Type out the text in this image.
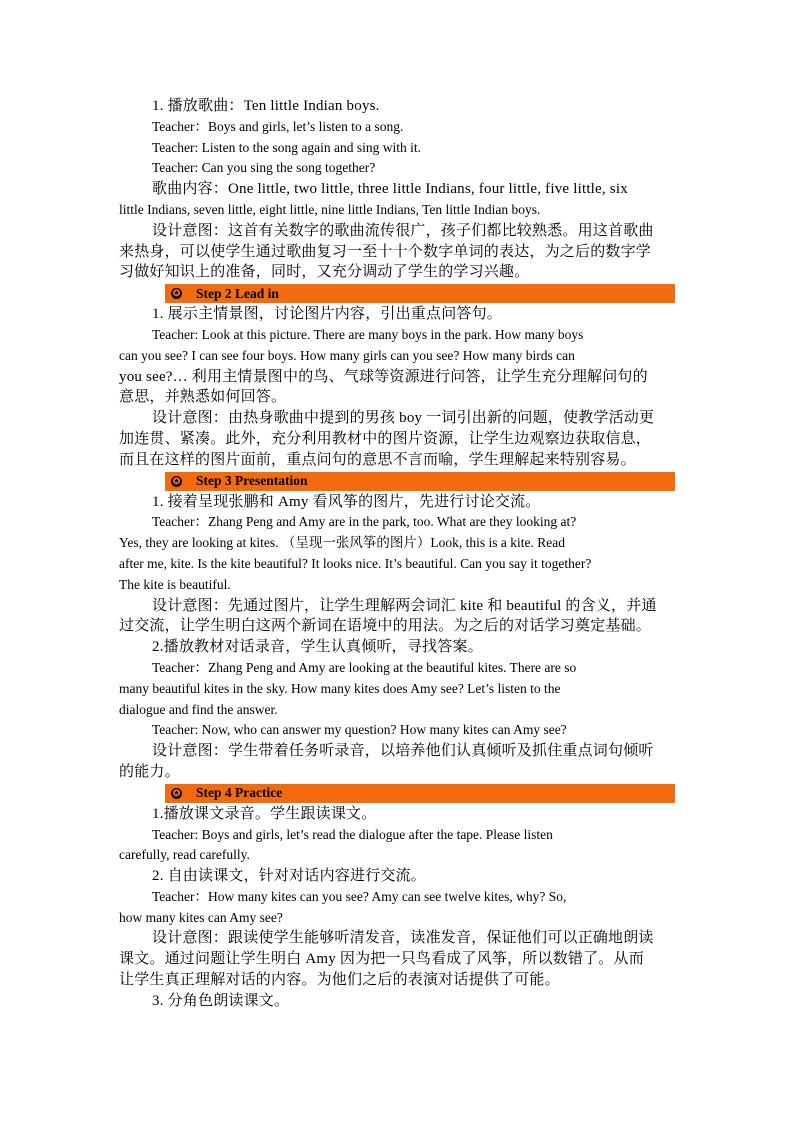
1. 播放歌曲：Ten little Indian boys.
Teacher：Boys and girls, let’s listen to a song.
Teacher: Listen to the song again and sing with it.
Teacher: Can you sing the song together?
歌曲内容：One little, two little, three little Indians, four little, five little, six
little Indians, seven little, eight little, nine little Indians, Ten little Indian boys.
设计意图：这首有关数字的歌曲流传很广，孩子们都比较熟悉。用这首歌曲
来热身，可以使学生通过歌曲复习一至十十个数字单词的表达，为之后的数字学
习做好知识上的准备，同时，又充分调动了学生的学习兴趣。
✪ Step 2 Lead in
1. 展示主情景图，讨论图片内容，引出重点问答句。
Teacher: Look at this picture. There are many boys in the park. How many boys
can you see? I can see four boys. How many girls can you see? How many birds can
you see?… 利用主情景图中的鸟、气球等资源进行问答，让学生充分理解问句的
意思，并熟悉如何回答。
设计意图：由热身歌曲中提到的男孩 boy 一词引出新的问题，使教学活动更
加连贯、紧凑。此外，充分利用教材中的图片资源，让学生边观察边获取信息，
而且在这样的图片面前，重点问句的意思不言而喻，学生理解起来特别容易。
✪ Step 3 Presentation
1. 接着呈现张鹏和 Amy 看风筝的图片，先进行讨论交流。
Teacher：Zhang Peng and Amy are in the park, too. What are they looking at?
Yes, they are looking at kites. （呈现一张风筝的图片）Look, this is a kite. Read
after me, kite. Is the kite beautiful? It looks nice. It’s beautiful. Can you say it together?
The kite is beautiful.
设计意图：先通过图片，让学生理解两会词汇 kite 和 beautiful 的含义，并通
过交流，让学生明白这两个新词在语境中的用法。为之后的对话学习奠定基础。
2.播放教材对话录音，学生认真倾听，寻找答案。
Teacher：Zhang Peng and Amy are looking at the beautiful kites. There are so
many beautiful kites in the sky. How many kites does Amy see? Let’s listen to the
dialogue and find the answer.
Teacher: Now, who can answer my question? How many kites can Amy see?
设计意图：学生带着任务听录音，以培养他们认真倾听及抓住重点词句倾听
的能力。
✪ Step 4 Practice
1.播放课文录音。学生跟读课文。
Teacher: Boys and girls, let’s read the dialogue after the tape. Please listen
carefully, read carefully.
2. 自由读课文，针对对话内容进行交流。
Teacher：How many kites can you see? Amy can see twelve kites, why? So,
how many kites can Amy see?
设计意图：跟读使学生能够听清发音，读准发音，保证他们可以正确地朗读
课文。通过问题让学生明白 Amy 因为把一只鸟看成了风筝，所以数错了。从而
让学生真正理解对话的内容。为他们之后的表演对话提供了可能。
3. 分角色朗读课文。
